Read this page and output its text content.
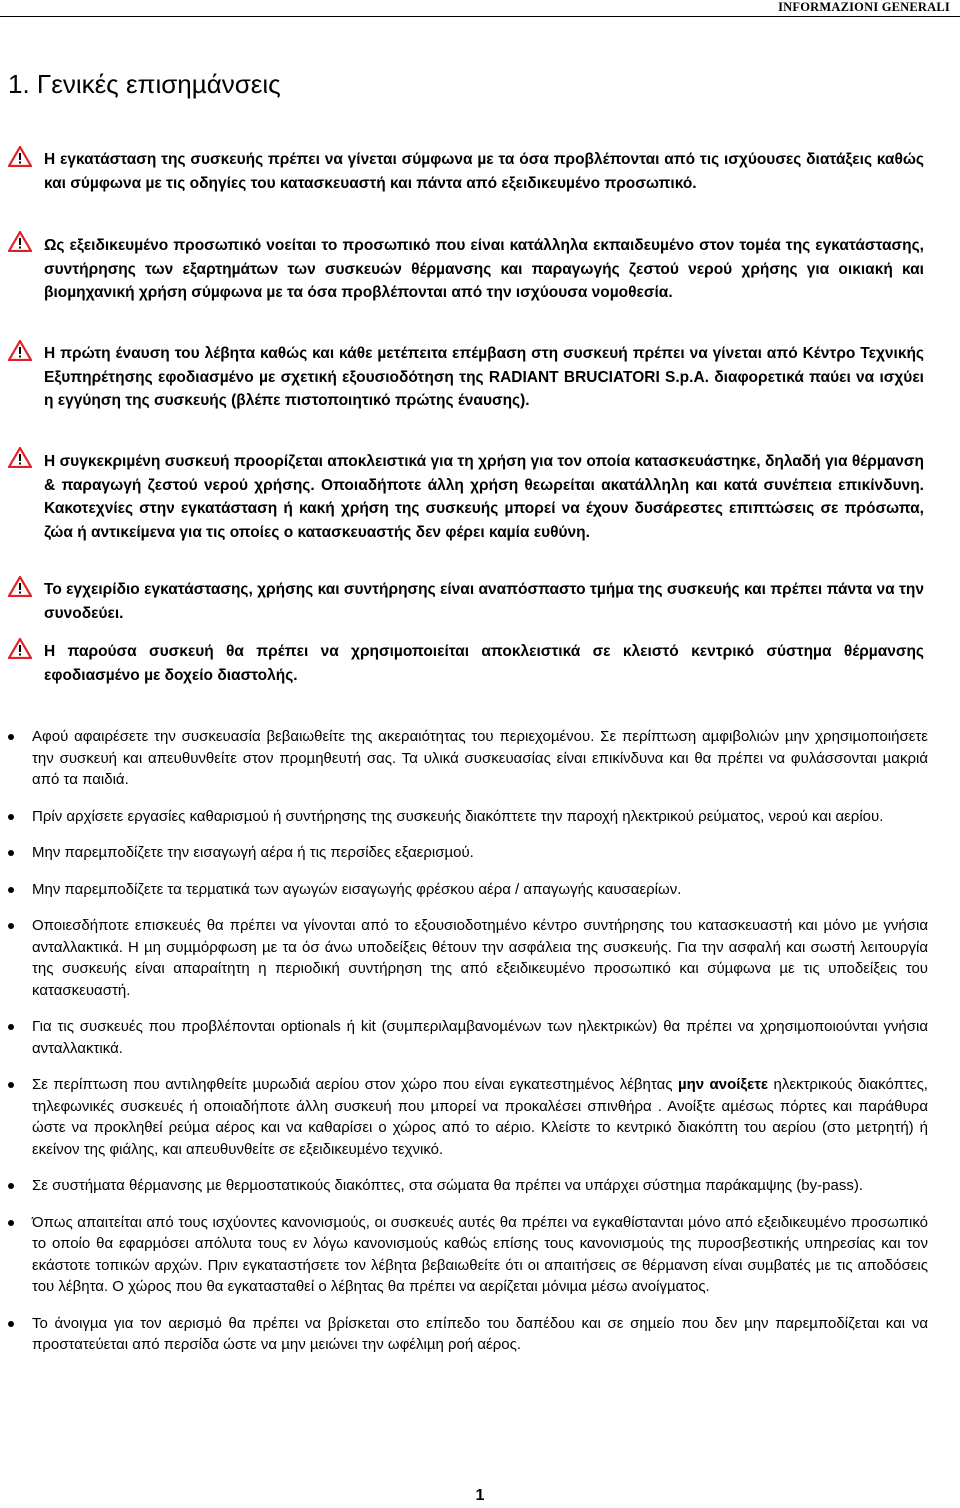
INFORMAZIONI GENERALI
1. Γενικές επισηµάνσεις
Η εγκατάσταση της συσκευής πρέπει να γίνεται σύµφωνα µε τα όσα προβλέπονται από τις ισχύουσες διατάξεις καθώς και σύµφωνα µε τις οδηγίες του κατασκευαστή και πάντα από εξειδικευµένο προσωπικό.
Ως εξειδικευµένο προσωπικό νοείται το προσωπικό που είναι κατάλληλα εκπαιδευµένο στον τοµέα της εγκατάστασης, συντήρησης των εξαρτηµάτων των συσκευών θέρµανσης και παραγωγής ζεστού νερού χρήσης για οικιακή και βιοµηχανική χρήση σύµφωνα µε τα όσα προβλέπονται από την ισχύουσα νοµοθεσία.
Η πρώτη έναυση του λέβητα καθώς και κάθε µετέπειτα επέµβαση στη συσκευή πρέπει να γίνεται από Κέντρο Τεχνικής Εξυπηρέτησης εφοδιασµένο µε σχετική εξουσιοδότηση της RADIANT BRUCIATORI S.p.A. διαφορετικά παύει να ισχύει η εγγύηση της συσκευής (βλέπε πιστοποιητικό πρώτης έναυσης).
Η συγκεκριµένη συσκευή προορίζεται αποκλειστικά για τη χρήση για τον οποία κατασκευάστηκε, δηλαδή για θέρµανση & παραγωγή ζεστού νερού χρήσης. Οποιαδήποτε άλλη χρήση θεωρείται ακατάλληλη και κατά συνέπεια επικίνδυνη. Κακοτεχνίες στην εγκατάσταση ή κακή χρήση της συσκευής µπορεί να έχουν δυσάρεστες επιπτώσεις σε πρόσωπα, ζώα ή αντικείµενα για τις οποίες ο κατασκευαστής δεν φέρει καµία ευθύνη.
Το εγχειρίδιο εγκατάστασης, χρήσης και συντήρησης είναι αναπόσπαστο τµήµα της συσκευής και πρέπει πάντα να την συνοδεύει.
Η παρούσα συσκευή θα πρέπει να χρησιµοποιείται αποκλειστικά σε κλειστό κεντρικό σύστηµα θέρµανσης εφοδιασµένο µε δοχείο διαστολής.
Αφού αφαιρέσετε την συσκευασία βεβαιωθείτε της ακεραιότητας του περιεχοµένου. Σε περίπτωση αµφιβολιών µην χρησιµοποιήσετε την συσκευή και απευθυνθείτε στον προµηθευτή σας. Τα υλικά συσκευασίας είναι επικίνδυνα και θα πρέπει να φυλάσσονται µακριά από τα παιδιά.
Πρίν αρχίσετε εργασίες καθαρισµού ή συντήρησης της συσκευής διακόπτετε την παροχή ηλεκτρικού ρεύµατος, νερού και αερίου.
Μην παρεµποδίζετε την εισαγωγή αέρα ή τις περσίδες εξαερισµού.
Μην παρεµποδίζετε τα τερµατικά των αγωγών εισαγωγής φρέσκου αέρα / απαγωγής καυσαερίων.
Οποιεσδήποτε επισκευές θα πρέπει να γίνονται από το εξουσιοδοτηµένο κέντρο συντήρησης του κατασκευαστή και µόνο µε γνήσια ανταλλακτικά. Η µη συµµόρφωση µε τα όσ άνω υποδείξεις θέτουν την ασφάλεια της συσκευής. Για την ασφαλή και σωστή λειτουργία της συσκευής είναι απαραίτητη η περιοδική συντήρηση της από εξειδικευµένο προσωπικό και σύµφωνα µε τις υποδείξεις του κατασκευαστή.
Για τις συσκευές που προβλέπονται optionals ή kit (συµπεριλαµβανοµένων των ηλεκτρικών) θα πρέπει να χρησιµοποιούνται γνήσια ανταλλακτικά.
Σε περίπτωση που αντιληφθείτε µυρωδιά αερίου στον χώρο που είναι εγκατεστηµένος λέβητας µην ανοίξετε ηλεκτρικούς διακόπτες, τηλεφωνικές συσκευές ή οποιαδήποτε άλλη συσκευή που µπορεί να προκαλέσει σπινθήρα . Ανοίξτε αµέσως πόρτες και παράθυρα ώστε να προκληθεί ρεύµα αέρος και να καθαρίσει ο χώρος από το αέριο. Κλείστε το κεντρικό διακόπτη του αερίου (στο µετρητή) ή εκείνον της φιάλης, και απευθυνθείτε σε εξειδικευµένο τεχνικό.
Σε συστήµατα θέρµανσης µε θερµοστατικούς διακόπτες, στα σώµατα θα πρέπει να υπάρχει σύστηµα παράκαµψης (by-pass).
Όπως απαιτείται από τους ισχύοντες κανονισµούς, οι συσκευές αυτές θα πρέπει να εγκαθίστανται µόνο από εξειδικευµένο προσωπικό το οποίο θα εφαρµόσει απόλυτα τους εν λόγω κανονισµούς καθώς επίσης τους κανονισµούς της πυροσβεστικής υπηρεσίας και τον εκάστοτε τοπικών αρχών. Πριν εγκαταστήσετε τον λέβητα βεβαιωθείτε ότι οι απαιτήσεις σε θέρµανση είναι συµβατές µε τις αποδόσεις του λέβητα. Ο χώρος που θα εγκατασταθεί ο λέβητας θα πρέπει να αερίζεται µόνιµα µέσω ανοίγµατος.
Το άνοιγµα για τον αερισµό θα πρέπει να βρίσκεται στο επίπεδο του δαπέδου και σε σηµείο που δεν µην παρεµποδίζεται και να προστατεύεται από περσίδα ώστε να µην µειώνει την ωφέλιµη ροή αέρος.
1
